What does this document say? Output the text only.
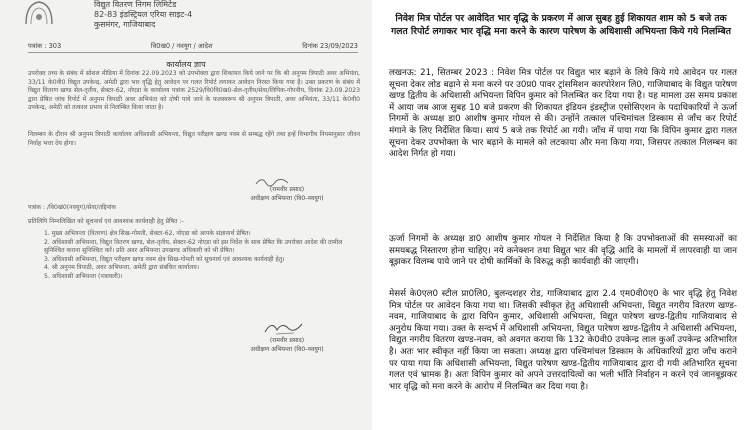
विद्युत वितरण निगम लिमिटेड
82-83 इंडस्ट्रियल एरिया साइट-4
कुसमंगर, गाजियाबाद
पत्रांक : 303	वि0ख0 / नवयुग / आदेश	दिनांक 23/09/2023
कार्यालय ज्ञाप
उपरोक्त तथ्य के संबंध में सोशल मीडिया में दिनांक 22.09.2023 को उपभोक्ता द्वारा शिकायत किये जाने पर कि श्री अनुपम त्रिपाठी अवर अभियंता, 33/11 के0वी0 विद्युत उपकेन्द्र, अमेठी द्वारा भार वृद्धि हेतु आवेदन पर गलत रिपोर्ट लगाकर आवेदन निरस्त किया गया है। उक्त प्रकरण के संबंध में विद्युत वितरण खण्ड सेल-तृतीय, सेक्टर-62, नोएडा के कार्यालय पत्रांक 2529/वि0वि0ख0-सेल-तृतीय/सेवा/लिपिक-गोपनीय, दिनांक 23.09.2023 द्वारा प्रेषित जांच रिपोर्ट में अनुपम त्रिपाठी अवर अभियंता को दोषी पाये जाने के फलस्वरूप श्री अनुपम त्रिपाठी, अवर अभियंता, 33/11 के0वी0 उपकेन्द्र, अमेठी को तत्काल प्रभाव से निलम्बित किया जाता है।
निलम्बन के दौरान श्री अनुपम त्रिपाठी कार्यालय अधिशासी अभियन्ता, विद्युत परीक्षण खण्ड नवम से सम्बद्ध रहेंगे तथा इन्हें विभागीय नियमानुसार जीवन निर्वाह भत्ता देय होगा।
(रामवीर प्रसाद)
अधीक्षण अभियन्ता (वि0-नवयुग)
पत्रांक : /वि0खं0(नवयुग)/सेवा/तद्दिनांक
प्रतिलिपि निम्नलिखित को सूचनार्थ एवं आवश्यक कार्यवाही हेतु प्रेषित :-
1. मुख्य अभियन्ता (वितरण) क्षेत्र सिख-गोमती, सेक्टर-62, नोएडा को आपके संज्ञानार्थ प्रेषित।
2. अधिशासी अभियन्ता, विद्युत वितरण खण्ड, सेल-तृतीय, सेक्टर-62 नोएडा को इस निर्देश के साथ प्रेषित कि उपरोक्त आदेश की तामील सुनिश्चित कराना सुनिश्चित करें। प्रति अवर अभियन्ता उपखण्ड अधिकारी को भी प्रेषित।
3. अधिशासी अभियन्ता, विद्युत परीक्षण खण्ड नवम क्षेत्र सिख-गोमती को सूचनार्थ एवं आवश्यक कार्यवाही हेतु।
4. श्री अनुपम त्रिपाठी, अवर अभियन्ता, अमेठी द्वारा संबंधित कार्यालय।
5. अधिशासी अभियन्ता (पत्रावली)।
(रामवीर प्रसाद)
अधीक्षण अभियन्ता (वि0-नवयुग)
निवेश मित्र पोर्टल पर आवेदित भार वृद्धि के प्रकरण में आज सुबह हुई शिकायत शाम को 5 बजे तक गलत रिपोर्ट लगाकर भार वृद्धि मना करने के कारण पारेषण के अधिशासी अभियन्ता किये गये निलम्बित
लखनऊ: 21, सितम्बर 2023 : निवेश मित्र पोर्टल पर विद्युत भार बढ़ाने के लिये किये गये आवेदन पर गलत सूचना देकर लोड बढ़ाने से मना करने पर उ0प्र0 पावर ट्रांसमिशन कारपोरेशन लि0, गाजियाबाद के विद्युत पारेषण खण्ड द्वितीय के अधिशासी अभियन्ता विपिन कुमार को निलम्बित कर दिया गया है। यह मामला उस समय प्रकाश में आया जब आज सुबह 10 बजे प्रकरण की शिकायत इंडियन इंडस्ट्रीज एसोसिएशन के पदाधिकारियों ने ऊर्जा निगमों के अध्यक्ष डा0 आशीष कुमार गोयल से की। उन्होंने तत्काल पश्चिमांचल डिस्काम से जाँच कर रिपोर्ट मंगाने के लिए निर्देशित किया। सायं 5 बजे तक रिपोर्ट आ गयी। जाँच में पाया गया कि विपिन कुमार द्वारा गलत सूचना देकर उपभोक्ता के भार बढ़ाने के मामले को लटकाया और मना किया गया, जिसपर तत्काल निलम्बन का आदेश निर्गत हो गया।
ऊर्जा निगमों के अध्यक्ष डा0 आशीष कुमार गोयल ने निर्देशित किया है कि उपभोक्ताओं की समस्याओं का समयबद्ध निस्तारण होना चाहिए। नये कनेक्शन तथा विद्युत भार की वृद्धि आदि के मामलों में लापरवाही या जान बूझकर विलम्ब पाये जाने पर दोषी कार्मिकों के विरुद्ध कड़ी कार्यवाही की जाएगी।
मेसर्स के0एल0 स्टील प्रा0लि0, बुलन्दशहर रोड, गाजियाबाद द्वारा 2.4 एम0वी0ए0 के भार वृद्धि हेतु निवेश मित्र पोर्टल पर आवेदन किया गया था। जिसकी स्वीकृत हेतु अधिशासी अभियन्ता, विद्युत नगरीय वितरण खण्ड-नवम, गाजियाबाद के द्वारा विपिन कुमार, अधिशासी अभियन्ता, विद्युत पारेषण खण्ड-द्वितीय गाजियाबाद से अनुरोध किया गया। उक्त के सन्दर्भ में अधिशासी अभियन्ता, विद्युत पारेषण खण्ड-द्वितीय ने अधिशासी अभियन्ता, विद्युत नगरीय वितरण खण्ड-नवम, को अवगत कराया कि 132 के0वी0 उपकेन्द्र लाल कुआँ उपकेन्द्र अतिभारित है। अतः भार स्वीकृत नहीं किया जा सकता। अध्यक्ष द्वारा पश्चिमांचल डिस्काम के अधिकारियों द्वारा जाँच कराने पर पाया गया कि अधिशासी अभियन्ता, विद्युत पारेषण खण्ड-द्वितीय गाजियाबाद द्वारा दी गयी अतिभारित सूचना गलत एवं भ्रामक है। अतः विपिन कुमार को अपने उत्तरदायित्वों का भली भाँति निर्वाहन न करने एवं जानबूझकर भार वृद्धि को मना करने के आरोप में निलम्बित कर दिया गया है।
